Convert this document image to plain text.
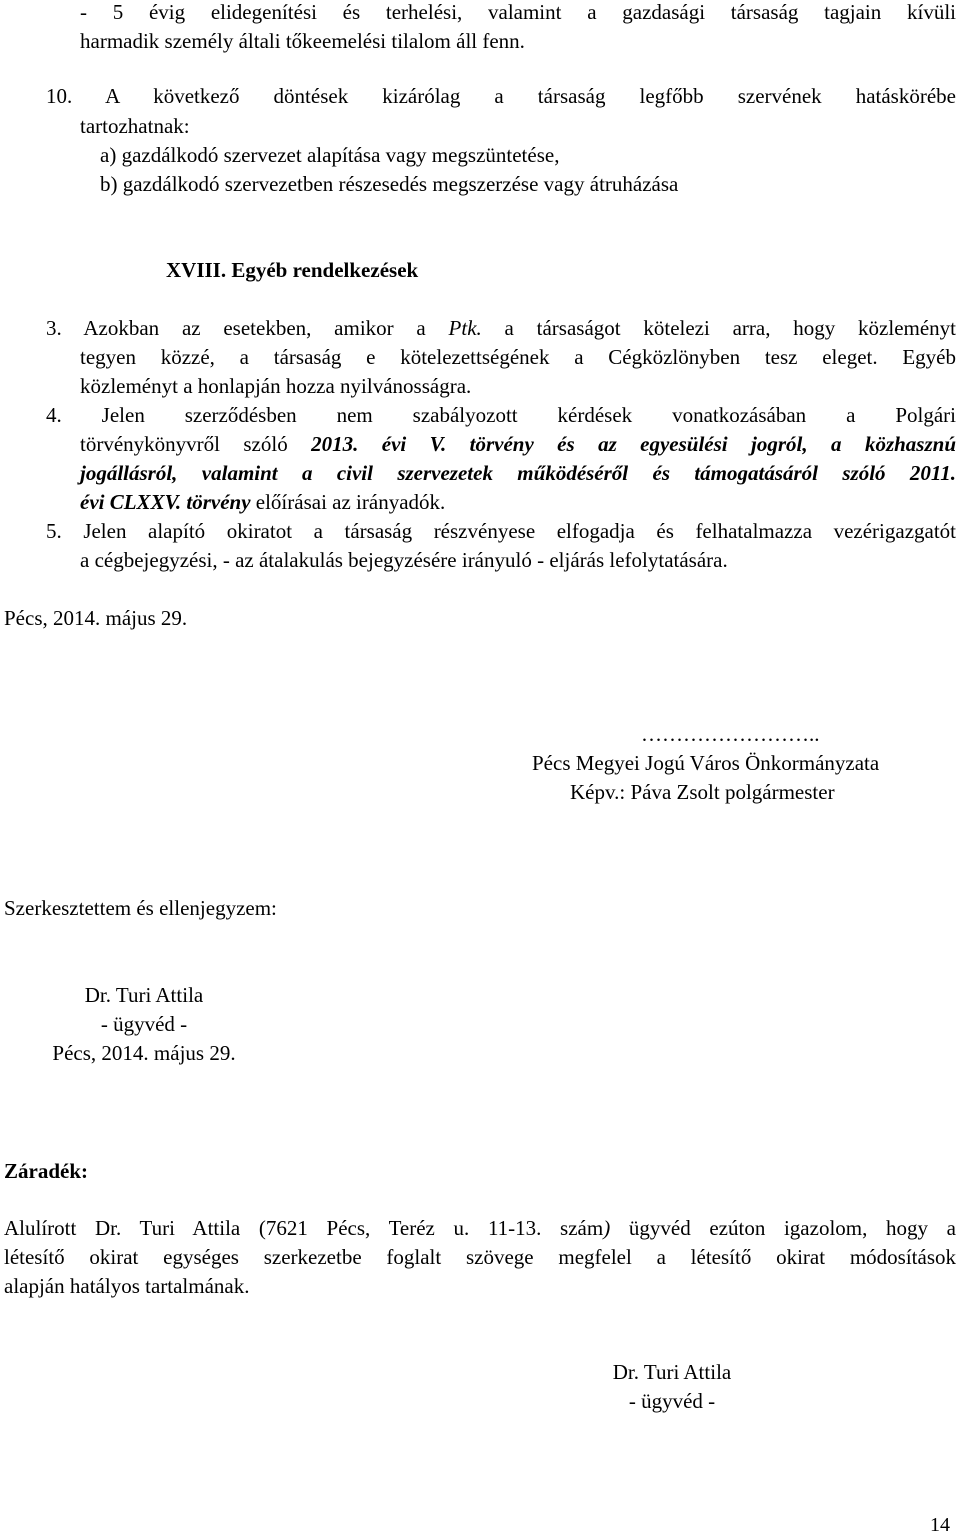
- 5 évig elidegenítési és terhelési, valamint a gazdasági társaság tagjain kívüli
harmadik személy általi tőkeemelési tilalom áll fenn.
10. A következő döntések kizárólag a társaság legfőbb szervének hatáskörébe
tartozhatnak:
a) gazdálkodó szervezet alapítása vagy megszüntetése,
b) gazdálkodó szervezetben részesedés megszerzése vagy átruházása
XVIII. Egyéb rendelkezések
3. Azokban az esetekben, amikor a Ptk. a társaságot kötelezi arra, hogy közleményt
tegyen közzé, a társaság e kötelezettségének a Cégközlönyben tesz eleget. Egyéb
közleményt a honlapján hozza nyilvánosságra.
4. Jelen szerződésben nem szabályozott kérdések vonatkozásában a Polgári
törvénykönyvről szóló 2013. évi V. törvény és az egyesülési jogról, a közhasznú
jogállásról, valamint a civil szervezetek működéséről és támogatásáról szóló 2011.
évi CLXXV. törvény előírásai az irányadók.
5. Jelen alapító okiratot a társaság részvényese elfogadja és felhatalmazza vezérigazgatót
a cégbejegyzési, - az átalakulás bejegyzésére irányuló - eljárás lefolytatására.
Pécs, 2014. május 29.
……………………..
Pécs Megyei Jogú Város Önkormányzata
Képv.: Páva Zsolt polgármester
Szerkesztettem és ellenjegyzem:
Dr. Turi Attila
- ügyvéd -
Pécs, 2014. május 29.
Záradék:
Alulírott Dr. Turi Attila (7621 Pécs, Teréz u. 11-13. szám) ügyvéd ezúton igazolom, hogy a
létesítő okirat egységes szerkezetbe foglalt szövege megfelel a létesítő okirat módosítások
alapján hatályos tartalmának.
Dr. Turi Attila
- ügyvéd -
14
